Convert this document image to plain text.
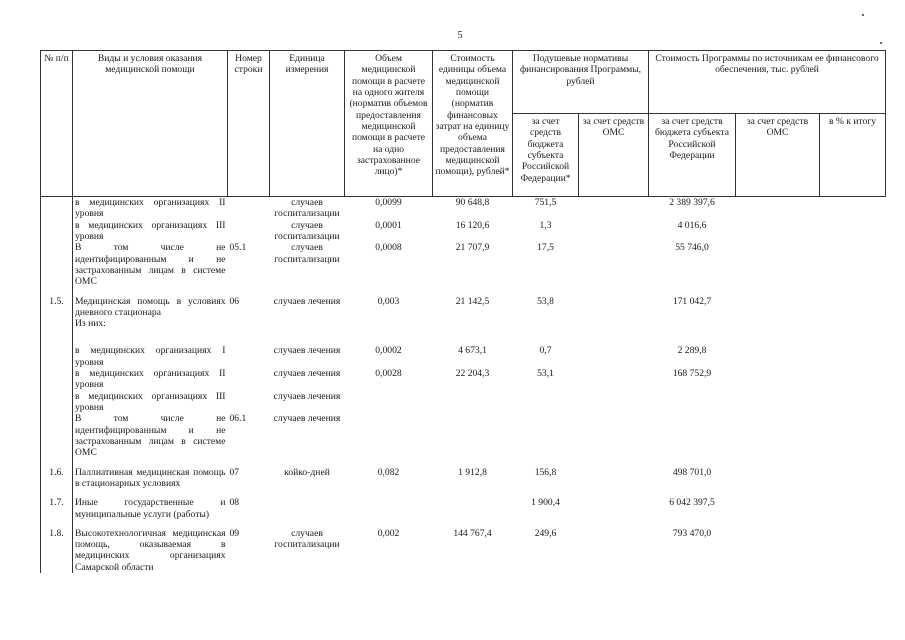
5
№ п/п	Виды и условия оказания медицинской помощи	Номер строки	Единица измерения	Объем медицинской помощи в расчете на одного жителя (норматив объемов предоставления медицинской помощи в расчете на одно застрахованное лицо)*	Стоимость единицы объема медицинской помощи (норматив финансовых затрат на единицу объема предоставления медицинской помощи), рублей*	Подушевые нормативы финансирования Программы, рублей		Стоимость Программы по источникам ее финансового обеспечения, тыс. рублей		
						за счет средств бюджета субъекта Российской Федерации*	за счет средств ОМС	за счет средств бюджета субъекта Российской Федерации	за счет средств ОМС	в % к итогу
	в медицинских организациях II уровня		случаев госпитализации	0,0099	90 648,8	751,5		2 389 397,6		
	в медицинских организациях III уровня		случаев госпитализации	0,0001	16 120,6	1,3		4 016,6		
	В том числе не идентифицированным и не застрахованным лицам в системе ОМС	05.1	случаев госпитализации	0,0008	21 707,9	17,5		55 746,0		

1.5.	Медицинская помощь в условиях дневного стационара	06	случаев лечения	0,003	21 142,5	53,8		171 042,7		
	Из них:									

	в медицинских организациях I уровня		случаев лечения	0,0002	4 673,1	0,7		2 289,8		
	в медицинских организациях II уровня		случаев лечения	0,0028	22 204,3	53,1		168 752,9		
	в медицинских организациях III уровня		случаев лечения							
	В том числе не идентифицированным и не застрахованным лицам в системе ОМС	06.1	случаев лечения							

1.6.	Паллиативная медицинская помощь в стационарных условиях	07	койко-дней	0,082	1 912,8	156,8		498 701,0		

1.7.	Иные государственные и муниципальные услуги (работы)	08				1 900,4		6 042 397,5		

1.8.	Высокотехнологичная медицинская помощь, оказываемая в медицинских организациях Самарской области	09	случаев госпитализации	0,002	144 767,4	249,6		793 470,0		
